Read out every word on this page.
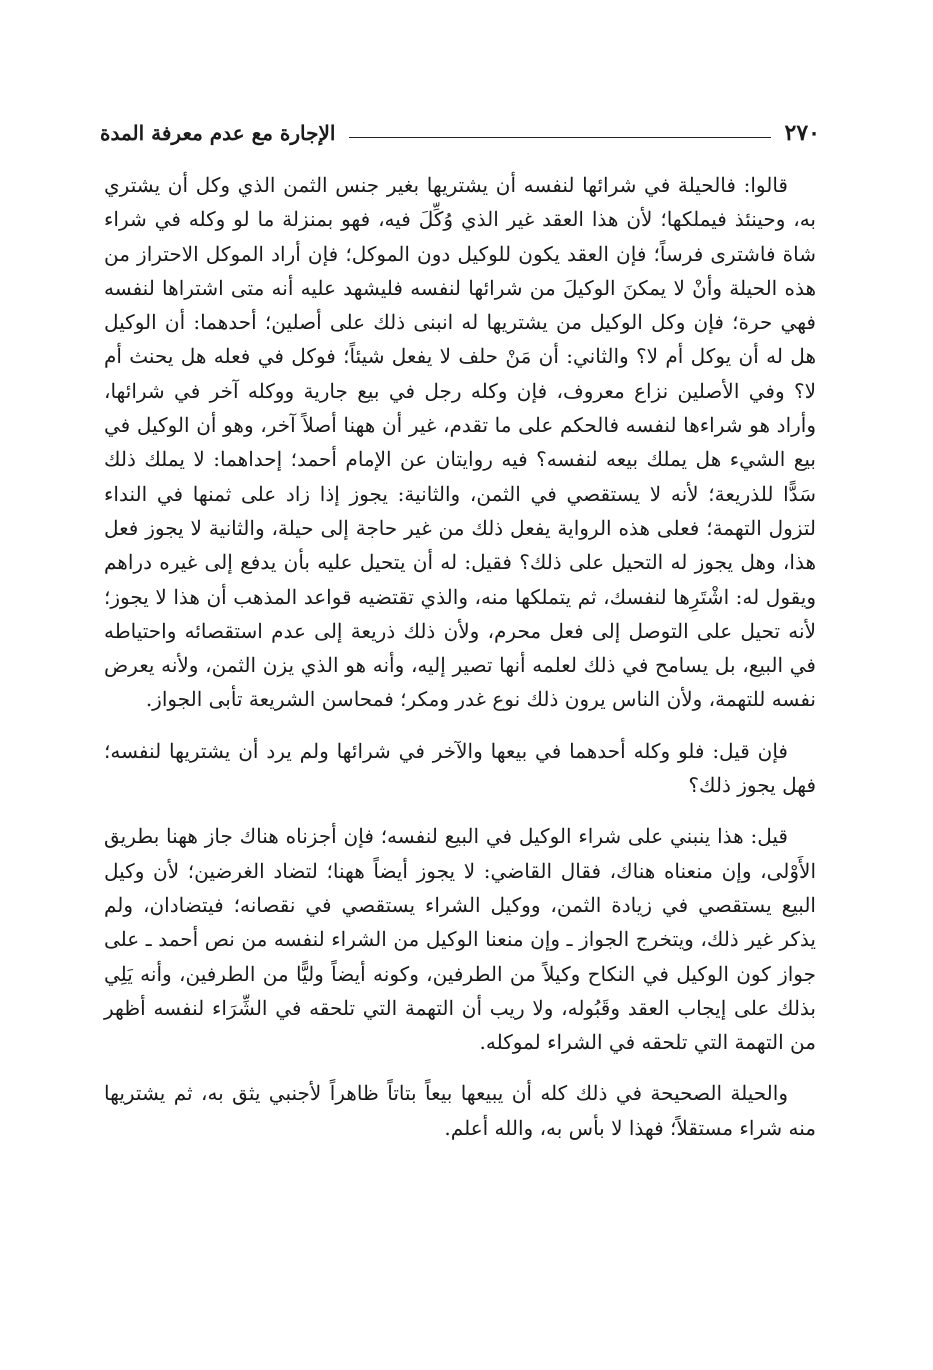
٢٧٠
الإجارة مع عدم معرفة المدة

قالوا: فالحيلة في شرائها لنفسه أن يشتريها بغير جنس الثمن الذي وكل أن يشتري به، وحينئذ فيملكها؛ لأن هذا العقد غير الذي وُكِّلَ فيه، فهو بمنزلة ما لو وكله في شراء شاة فاشترى فرساً؛ فإن العقد يكون للوكيل دون الموكل؛ فإن أراد الموكل الاحتراز من هذه الحيلة وأنْ لا يمكنَ الوكيلَ من شرائها لنفسه فليشهد عليه أنه متى اشتراها لنفسه فهي حرة؛ فإن وكل الوكيل من يشتريها له انبنى ذلك على أصلين؛ أحدهما: أن الوكيل هل له أن يوكل أم لا؟ والثاني: أن مَنْ حلف لا يفعل شيئاً؛ فوكل في فعله هل يحنث أم لا؟ وفي الأصلين نزاع معروف، فإن وكله رجل في بيع جارية ووكله آخر في شرائها، وأراد هو شراءها لنفسه فالحكم على ما تقدم، غير أن ههنا أصلاً آخر، وهو أن الوكيل في بيع الشيء هل يملك بيعه لنفسه؟ فيه روايتان عن الإمام أحمد؛ إحداهما: لا يملك ذلك سَدًّا للذريعة؛ لأنه لا يستقصي في الثمن، والثانية: يجوز إذا زاد على ثمنها في النداء لتزول التهمة؛ فعلى هذه الرواية يفعل ذلك من غير حاجة إلى حيلة، والثانية لا يجوز فعل هذا، وهل يجوز له التحيل على ذلك؟ فقيل: له أن يتحيل عليه بأن يدفع إلى غيره دراهم ويقول له: اشْتَرِها لنفسك، ثم يتملكها منه، والذي تقتضيه قواعد المذهب أن هذا لا يجوز؛ لأنه تحيل على التوصل إلى فعل محرم، ولأن ذلك ذريعة إلى عدم استقصائه واحتياطه في البيع، بل يسامح في ذلك لعلمه أنها تصير إليه، وأنه هو الذي يزن الثمن، ولأنه يعرض نفسه للتهمة، ولأن الناس يرون ذلك نوع غدر ومكر؛ فمحاسن الشريعة تأبى الجواز.

فإن قيل: فلو وكله أحدهما في بيعها والآخر في شرائها ولم يرد أن يشتريها لنفسه؛ فهل يجوز ذلك؟

قيل: هذا ينبني على شراء الوكيل في البيع لنفسه؛ فإن أجزناه هناك جاز ههنا بطريق الأَوْلى، وإن منعناه هناك، فقال القاضي: لا يجوز أيضاً ههنا؛ لتضاد الغرضين؛ لأن وكيل البيع يستقصي في زيادة الثمن، ووكيل الشراء يستقصي في نقصانه؛ فيتضادان، ولم يذكر غير ذلك، ويتخرج الجواز ـ وإن منعنا الوكيل من الشراء لنفسه من نص أحمد ـ على جواز كون الوكيل في النكاح وكيلاً من الطرفين، وكونه أيضاً وليًّا من الطرفين، وأنه يَلِي بذلك على إيجاب العقد وقَبُوله، ولا ريب أن التهمة التي تلحقه في الشِّرَاء لنفسه أظهر من التهمة التي تلحقه في الشراء لموكله.

والحيلة الصحيحة في ذلك كله أن يبيعها بيعاً بتاتاً ظاهراً لأجنبي يثق به، ثم يشتريها منه شراء مستقلاً؛ فهذا لا بأس به، والله أعلم.
